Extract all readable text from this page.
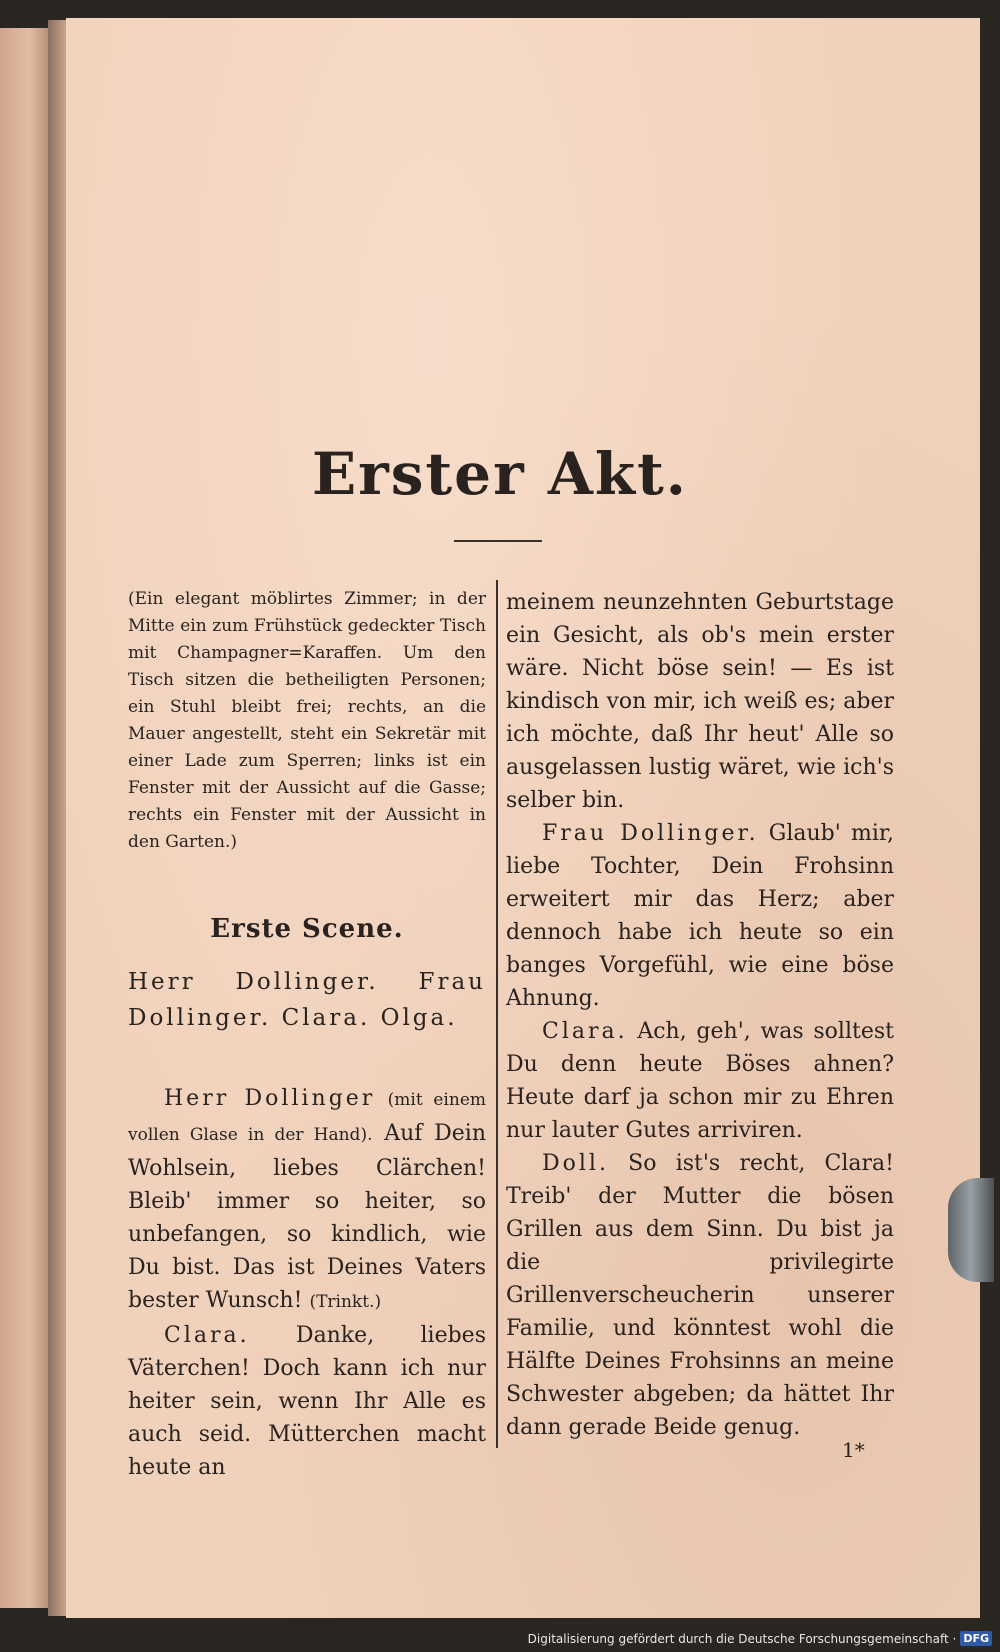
Erster Akt.

(Ein elegant möblirtes Zimmer; in der Mitte ein zum Frühstück gedeckter Tisch mit Champagner=Karaffen. Um den Tisch sitzen die betheiligten Personen; ein Stuhl bleibt frei; rechts, an die Mauer angestellt, steht ein Sekretär mit einer Lade zum Sperren; links ist ein Fenster mit der Aussicht auf die Gasse; rechts ein Fenster mit der Aussicht in den Garten.)

Erste Scene.

Herr Dollinger. Frau Dollinger. Clara. Olga.

Herr Dollinger (mit einem vollen Glase in der Hand). Auf Dein Wohlsein, liebes Clärchen! Bleib' immer so heiter, so unbefangen, so kindlich, wie Du bist. Das ist Deines Vaters bester Wunsch! (Trinkt.)

Clara. Danke, liebes Väterchen! Doch kann ich nur heiter sein, wenn Ihr Alle es auch seid. Mütterchen macht heute an

meinem neunzehnten Geburtstage ein Gesicht, als ob's mein erster wäre. Nicht böse sein! — Es ist kindisch von mir, ich weiß es; aber ich möchte, daß Ihr heut' Alle so ausgelassen lustig wäret, wie ich's selber bin.

Frau Dollinger. Glaub' mir, liebe Tochter, Dein Frohsinn erweitert mir das Herz; aber dennoch habe ich heute so ein banges Vorgefühl, wie eine böse Ahnung.

Clara. Ach, geh', was solltest Du denn heute Böses ahnen? Heute darf ja schon mir zu Ehren nur lauter Gutes arriviren.

Doll. So ist's recht, Clara! Treib' der Mutter die bösen Grillen aus dem Sinn. Du bist ja die privilegirte Grillenverscheucherin unserer Familie, und könntest wohl die Hälfte Deines Frohsinns an meine Schwester abgeben; da hättet Ihr dann gerade Beide genug.

1*
Digitalisierung gefördert durch die Deutsche Forschungsgemeinschaft · DFG
